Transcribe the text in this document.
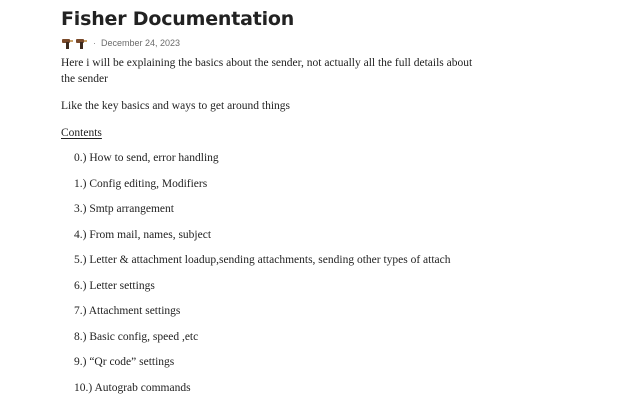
Fisher Documentation
· December 24, 2023
Here i will be explaining the basics about the sender, not actually all the full details about the sender
Like the key basics and ways to get around things
Contents
0.) How to send, error handling
1.) Config editing, Modifiers
3.) Smtp arrangement
4.) From mail, names, subject
5.) Letter & attachment loadup,sending attachments, sending other types of attach
6.) Letter settings
7.) Attachment settings
8.) Basic config, speed ,etc
9.) “Qr code” settings
10.) Autograb commands
